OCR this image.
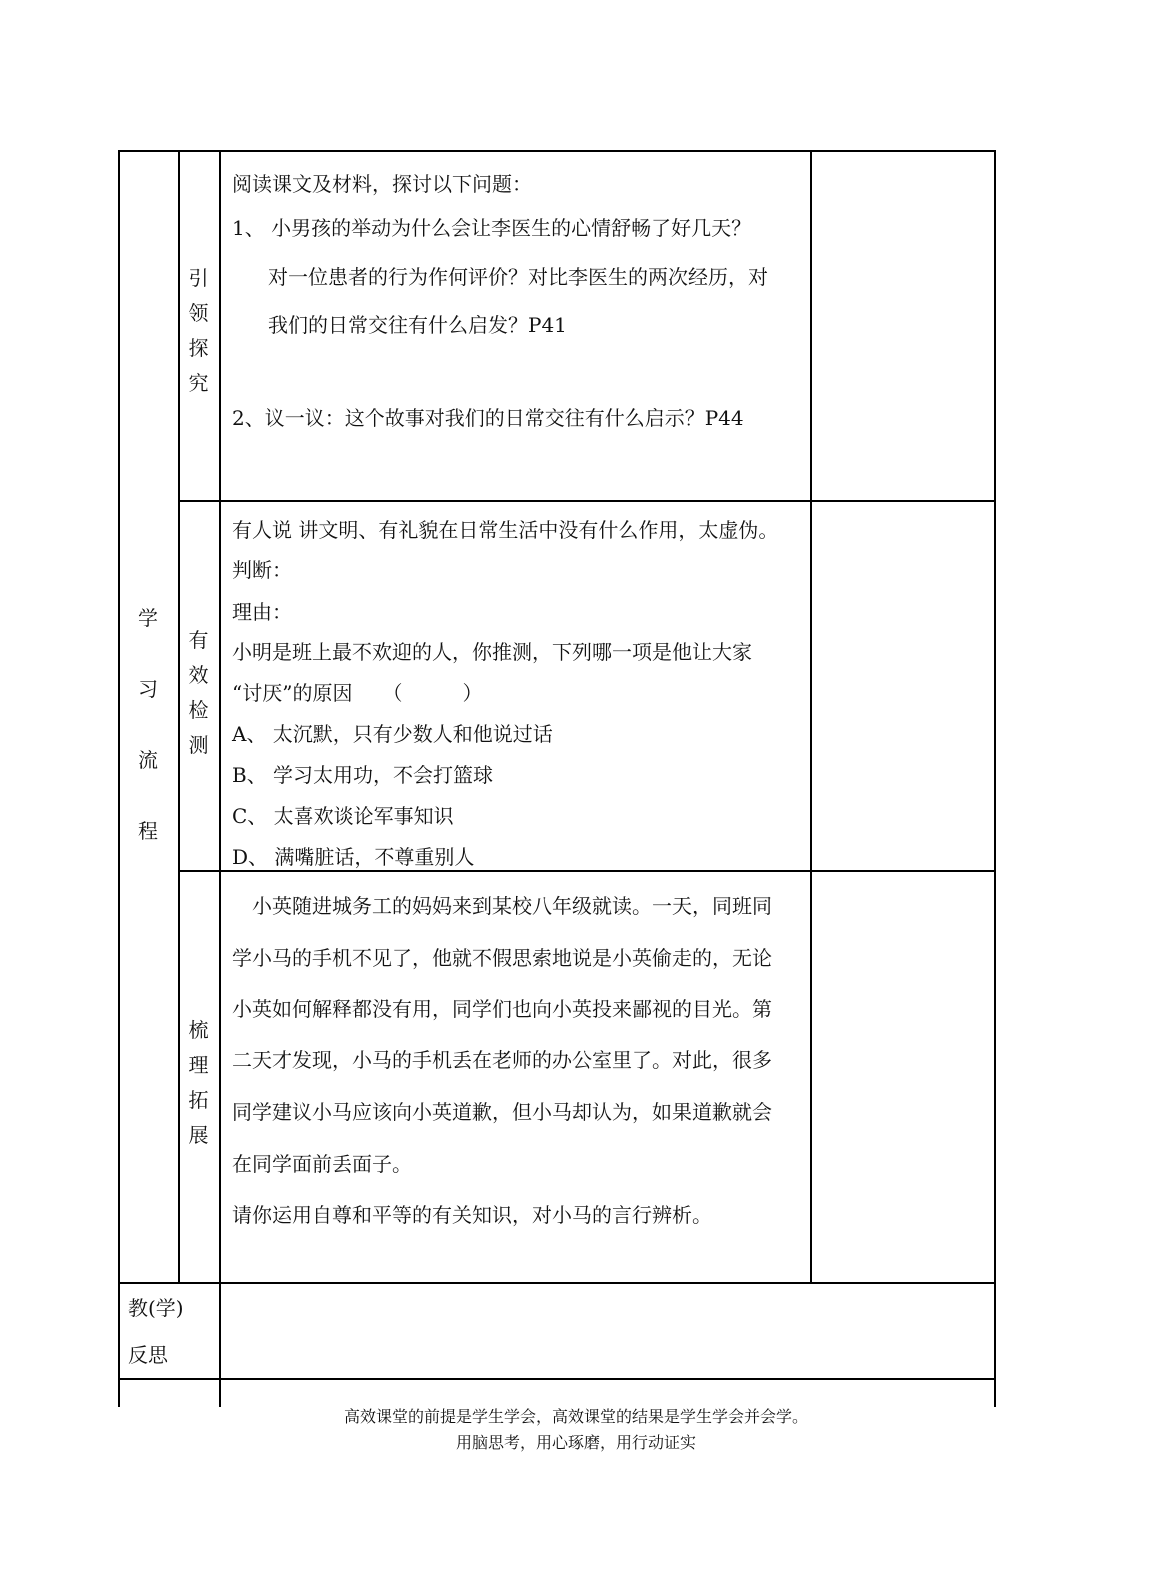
学
习
流
程
引
领
探
究

阅读课文及材料，探讨以下问题：

1、 小男孩的举动为什么会让李医生的心情舒畅了好几天？

对一位患者的行为作何评价？对比李医生的两次经历，对

我们的日常交往有什么启发？P41

2、议一议：这个故事对我们的日常交往有什么启示？P44

有
效
检
测

有人说 讲文明、有礼貌在日常生活中没有什么作用，太虚伪。

判断：

理由：

小明是班上最不欢迎的人，你推测，下列哪一项是他让大家

“讨厌”的原因　　（　　　）

A、 太沉默，只有少数人和他说过话

B、 学习太用功，不会打篮球

C、 太喜欢谈论军事知识

D、 满嘴脏话，不尊重别人

梳
理
拓
展

　小英随进城务工的妈妈来到某校八年级就读。一天，同班同

学小马的手机不见了，他就不假思索地说是小英偷走的，无论

小英如何解释都没有用，同学们也向小英投来鄙视的目光。第

二天才发现，小马的手机丢在老师的办公室里了。对此，很多

同学建议小马应该向小英道歉，但小马却认为，如果道歉就会

在同学面前丢面子。

请你运用自尊和平等的有关知识，对小马的言行辨析。

教(学)

反思

高效课堂的前提是学生学会，高效课堂的结果是学生学会并会学。
用脑思考，用心琢磨，用行动证实
